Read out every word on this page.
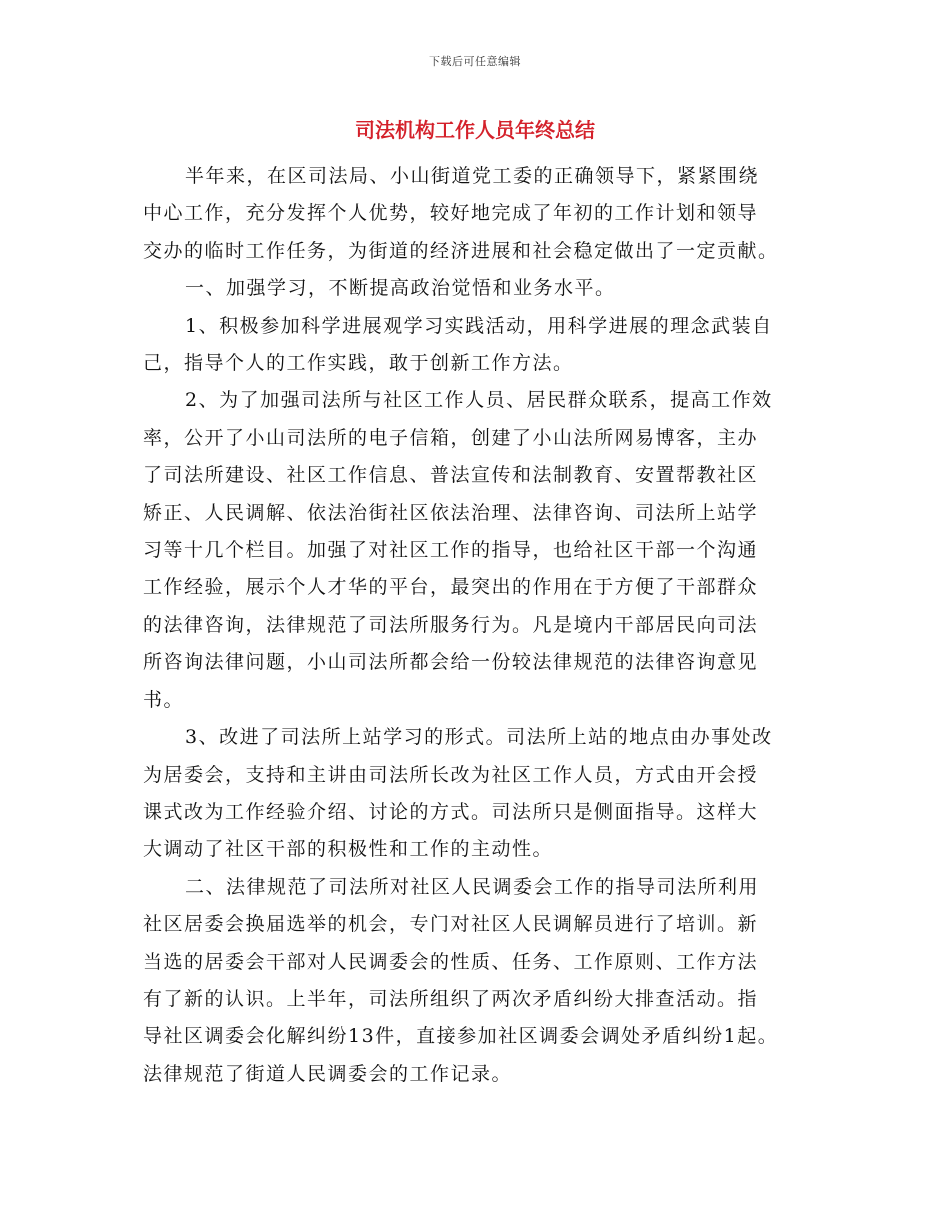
下载后可任意编辑
司法机构工作人员年终总结

半年来，在区司法局、小山街道党工委的正确领导下，紧紧围绕

中心工作，充分发挥个人优势，较好地完成了年初的工作计划和领导

交办的临时工作任务，为街道的经济进展和社会稳定做出了一定贡献。

一、加强学习，不断提高政治觉悟和业务水平。

1、积极参加科学进展观学习实践活动，用科学进展的理念武装自

己，指导个人的工作实践，敢于创新工作方法。

2、为了加强司法所与社区工作人员、居民群众联系，提高工作效

率，公开了小山司法所的电子信箱，创建了小山法所网易博客，主办

了司法所建设、社区工作信息、普法宣传和法制教育、安置帮教社区

矫正、人民调解、依法治街社区依法治理、法律咨询、司法所上站学

习等十几个栏目。加强了对社区工作的指导，也给社区干部一个沟通

工作经验，展示个人才华的平台，最突出的作用在于方便了干部群众

的法律咨询，法律规范了司法所服务行为。凡是境内干部居民向司法

所咨询法律问题，小山司法所都会给一份较法律规范的法律咨询意见

书。

3、改进了司法所上站学习的形式。司法所上站的地点由办事处改

为居委会，支持和主讲由司法所长改为社区工作人员，方式由开会授

课式改为工作经验介绍、讨论的方式。司法所只是侧面指导。这样大

大调动了社区干部的积极性和工作的主动性。

二、法律规范了司法所对社区人民调委会工作的指导司法所利用

社区居委会换届选举的机会，专门对社区人民调解员进行了培训。新

当选的居委会干部对人民调委会的性质、任务、工作原则、工作方法

有了新的认识。上半年，司法所组织了两次矛盾纠纷大排查活动。指

导社区调委会化解纠纷13件，直接参加社区调委会调处矛盾纠纷1起。

法律规范了街道人民调委会的工作记录。
